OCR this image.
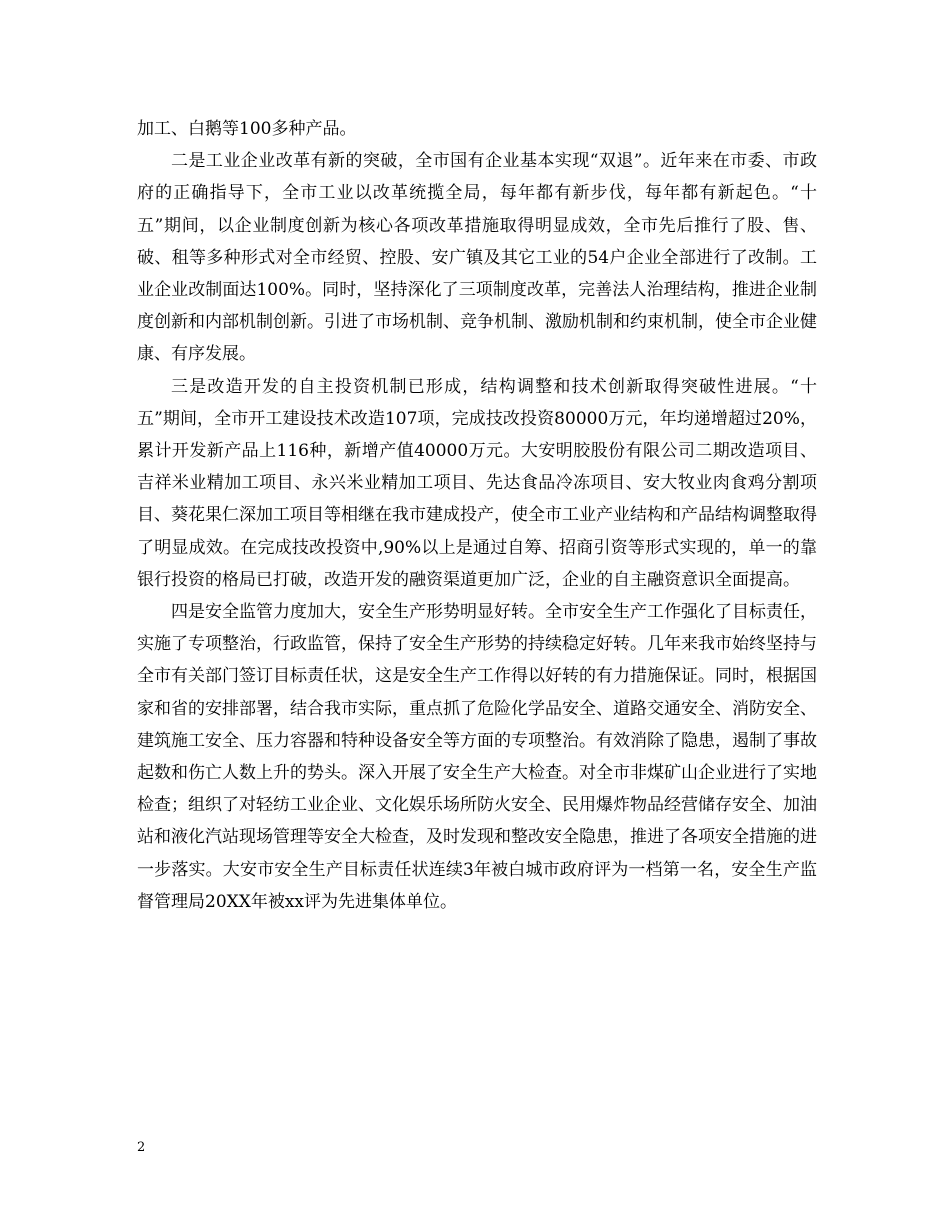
加工、白鹅等100多种产品。

二是工业企业改革有新的突破，全市国有企业基本实现“双退”。近年来在市委、市政府的正确指导下，全市工业以改革统揽全局，每年都有新步伐，每年都有新起色。“十五”期间，以企业制度创新为核心各项改革措施取得明显成效，全市先后推行了股、售、破、租等多种形式对全市经贸、控股、安广镇及其它工业的54户企业全部进行了改制。工业企业改制面达100%。同时，坚持深化了三项制度改革，完善法人治理结构，推进企业制度创新和内部机制创新。引进了市场机制、竞争机制、激励机制和约束机制，使全市企业健康、有序发展。

三是改造开发的自主投资机制已形成，结构调整和技术创新取得突破性进展。“十五”期间，全市开工建设技术改造107项，完成技改投资80000万元，年均递增超过20%，累计开发新产品上116种，新增产值40000万元。大安明胶股份有限公司二期改造项目、吉祥米业精加工项目、永兴米业精加工项目、先达食品冷冻项目、安大牧业肉食鸡分割项目、葵花果仁深加工项目等相继在我市建成投产，使全市工业产业结构和产品结构调整取得了明显成效。在完成技改投资中,90%以上是通过自筹、招商引资等形式实现的，单一的靠银行投资的格局已打破，改造开发的融资渠道更加广泛，企业的自主融资意识全面提高。

四是安全监管力度加大，安全生产形势明显好转。全市安全生产工作强化了目标责任，实施了专项整治，行政监管，保持了安全生产形势的持续稳定好转。几年来我市始终坚持与全市有关部门签订目标责任状，这是安全生产工作得以好转的有力措施保证。同时，根据国家和省的安排部署，结合我市实际，重点抓了危险化学品安全、道路交通安全、消防安全、建筑施工安全、压力容器和特种设备安全等方面的专项整治。有效消除了隐患，遏制了事故起数和伤亡人数上升的势头。深入开展了安全生产大检查。对全市非煤矿山企业进行了实地检查；组织了对轻纺工业企业、文化娱乐场所防火安全、民用爆炸物品经营储存安全、加油站和液化汽站现场管理等安全大检查，及时发现和整改安全隐患，推进了各项安全措施的进一步落实。大安市安全生产目标责任状连续3年被白城市政府评为一档第一名，安全生产监督管理局20XX年被xx评为先进集体单位。

2
